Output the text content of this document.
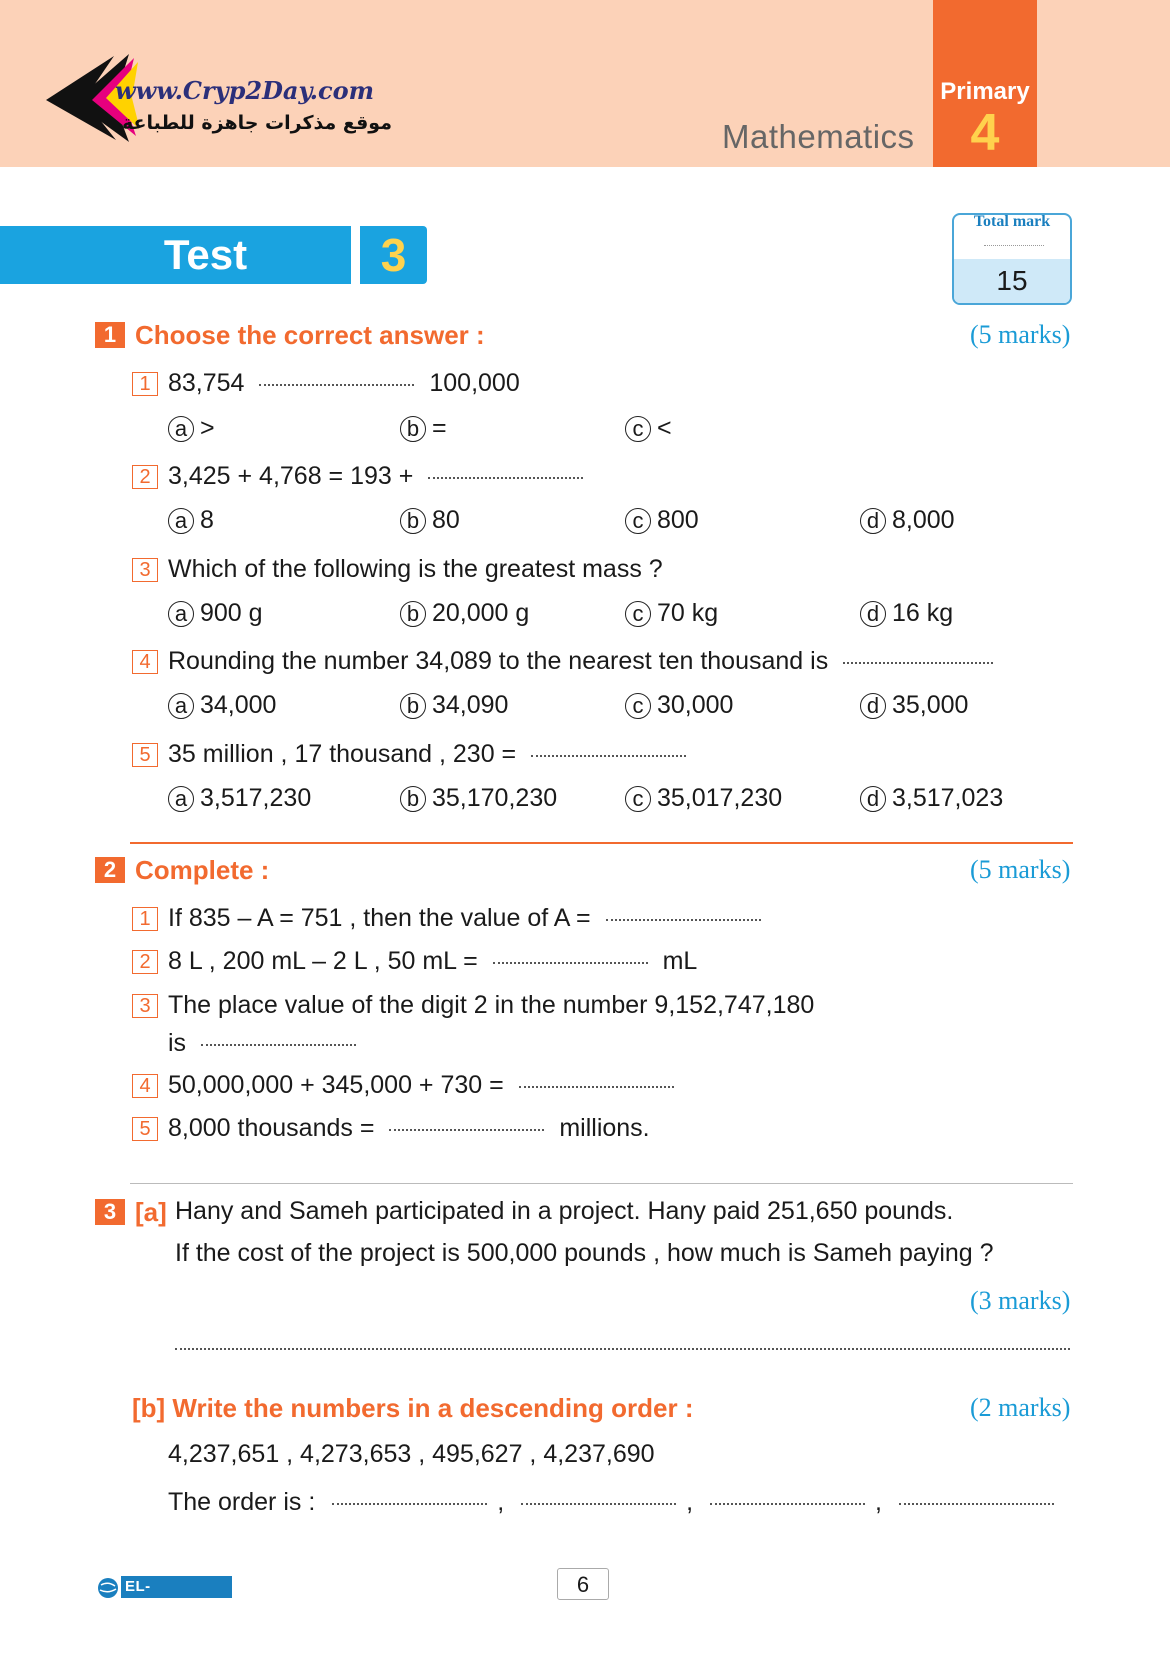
www.Cryp2Day.com
موقع مذكرات جاهزة للطباعة	Mathematics
Primary
4
Test	3
Total mark
15
1 Choose the correct answer :	(5 marks)
1 83,754	100,000
a >	b =	c <
2 3,425 + 4,768 = 193 +
a 8	b 80	c 800	d 8,000
3 Which of the following is the greatest mass ?
a 900 g	b 20,000 g	c 70 kg	d 16 kg
4 Rounding the number 34,089 to the nearest ten thousand is
a 34,000	b 34,090	c 30,000	d 35,000
5 35 million , 17 thousand , 230 =
a 3,517,230	b 35,170,230	c 35,017,230	d 3,517,023
2 Complete :	(5 marks)
1 If 835 – A = 751 , then the value of A =
2 8 L , 200 mL – 2 L , 50 mL =	mL
3 The place value of the digit 2 in the number 9,152,747,180
is
4 50,000,000 + 345,000 + 730 =
5 8,000 thousands =	millions.
3 [a] Hany and Sameh participated in a project. Hany paid 251,650 pounds.
If the cost of the project is 500,000 pounds , how much is Sameh paying ?
(3 marks)
[b] Write the numbers in a descending order :	(2 marks)
4,237,651 , 4,273,653 , 495,627 , 4,237,690
The order is :	,	,	,
EL-MOASSER
6
